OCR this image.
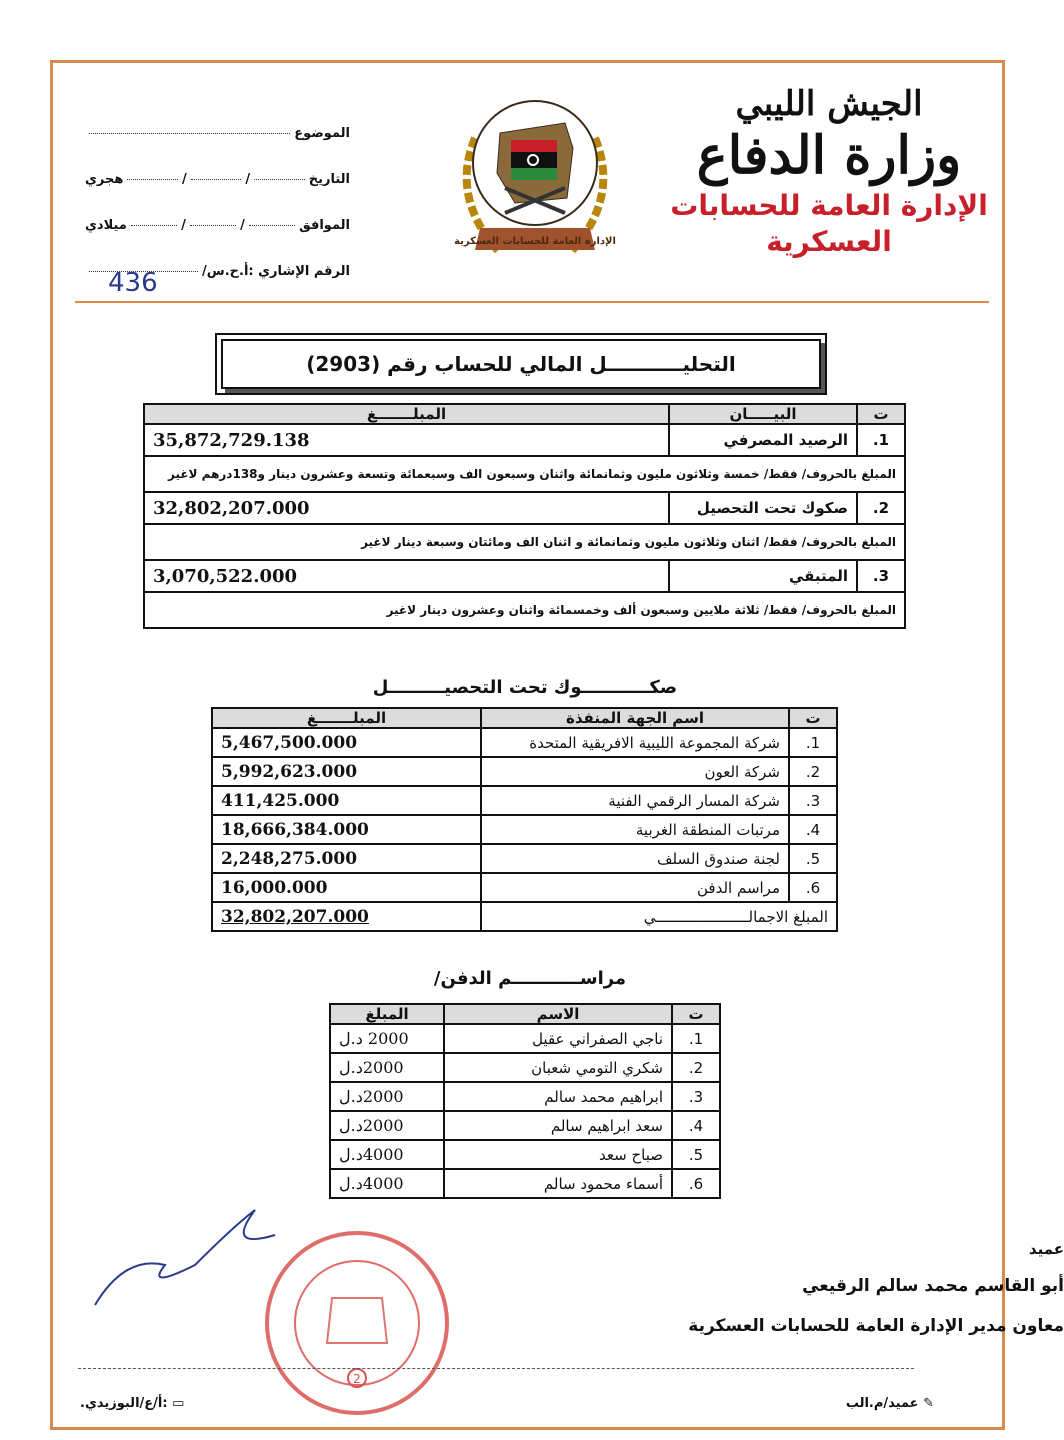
الجيش الليبي
وزارة الدفاع
الإدارة العامة للحسابات
العسكرية
الإدارة العامة للحسابات العسكرية
الموضوع
التاريخ
/
/
هجري
الموافق
/
/
ميلادي
الرقم الإشاري :أ.ح.س/
436
التحليـــــــــــل المالي للحساب رقم (2903)
ت	البيـــــان	المبلـــــــغ
1.	الرصيد المصرفي	35,872,729.138
المبلغ بالحروف/ فقط/ خمسة وثلاثون مليون وثمانمائة واثنان وسبعون الف وسبعمائة وتسعة وعشرون دينار و138درهم لاغير		
2.	صكوك تحت التحصيل	32,802,207.000
المبلغ بالحروف/ فقط/ اثنان وثلاثون مليون وثمانمائة و اثنان الف ومائتان وسبعة دينار لاغير		
3.	المتبقي	3,070,522.000
المبلغ بالحروف/ فقط/ ثلاثة ملايين وسبعون ألف وخمسمائة واثنان وعشرون دينار لاغير		
صكـــــــــــوك تحت التحصيـــــــــل
ت	اسم الجهة المنفذة	المبلـــــــغ
1.	شركة المجموعة الليبية الافريقية المتحدة	5,467,500.000
2.	شركة العون	5,992,623.000
3.	شركة المسار الرقمي الفنية	411,425.000
4.	مرتبات المنطقة الغربية	18,666,384.000
5.	لجنة صندوق السلف	2,248,275.000
6.	مراسم الدفن	16,000.000
المبلغ الاجمالـــــــــــــــــــــي		32,802,207.000
مراســـــــــــم الدفن/
ت	الاسم	المبلغ
1.	ناجي الصفراني عقيل	2000 د.ل
2.	شكري التومي شعبان	2000د.ل
3.	ابراهيم محمد سالم	2000د.ل
4.	سعد ابراهيم سالم	2000د.ل
5.	صباح سعد	4000د.ل
6.	أسماء محمود سالم	4000د.ل
عميد
أبو القاسم محمد سالم الرقيعي
معاون مدير الإدارة العامة للحسابات العسكرية
2
✎ عميد/م.الب
▭ :أ/ع/البوزيدي.
